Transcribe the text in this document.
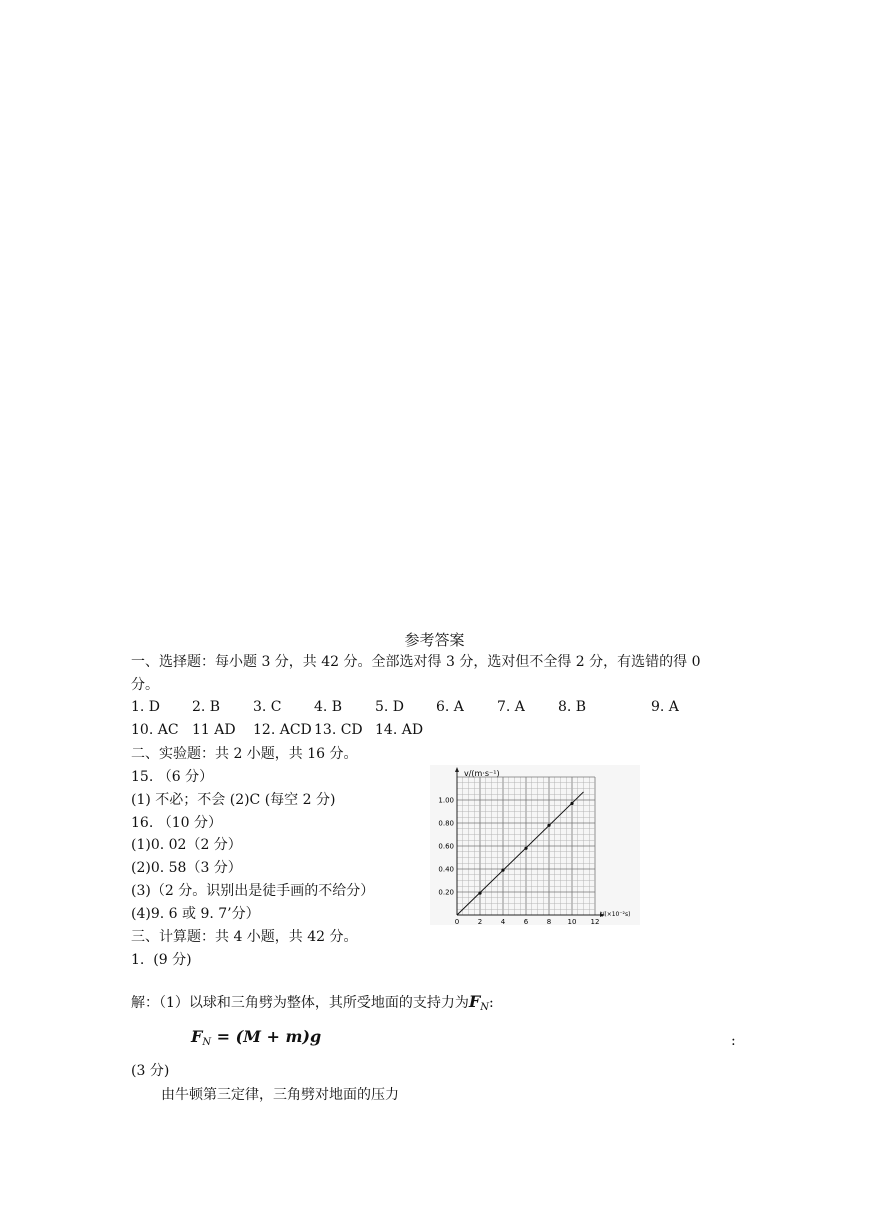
参考答案
一、选择题：每小题 3 分，共 42 分。全部选对得 3 分，选对但不全得 2 分，有选错的得 0
分。
1. D 2. B 3. C 4. B 5. D 6. A 7. A 8. B	9. A
10. AC 11 AD 12. ACD 13. CD 14. AD
二、实验题：共 2 小题，共 16 分。
15. （6 分）
(1) 不必；不会 (2)C (每空 2 分)
16. （10 分）
(1)0. 02（2 分）
(2)0. 58（3 分）
(3)（2 分。识别出是徒手画的不给分）
(4)9. 6 或 9. 7’分）
三、计算题：共 4 小题，共 42 分。
1.  (9 分)
解：（1）以球和三角劈为整体，其所受地面的支持力为$F_N$:
$F_N = (M + m)g$	:
(3 分)
由牛顿第三定律，三角劈对地面的压力
0	2	4	6	8 10 12
0.20
0.40
0.60
0.80
1.00
v/(m·s⁻¹)
t/(×10⁻²s)
